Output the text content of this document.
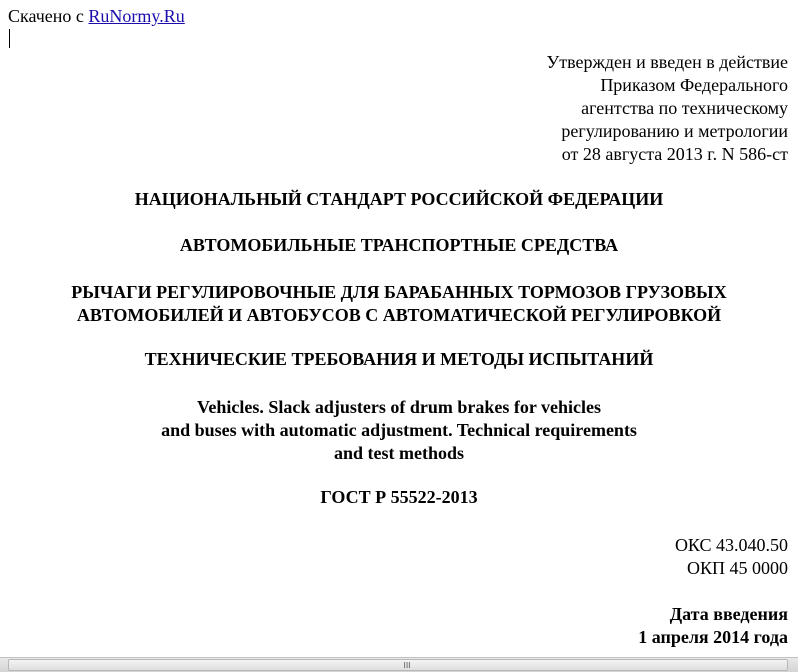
Скачено с RuNormy.Ru
Утвержден и введен в действие
Приказом Федерального
агентства по техническому
регулированию и метрологии
от 28 августа 2013 г. N 586-ст
НАЦИОНАЛЬНЫЙ СТАНДАРТ РОССИЙСКОЙ ФЕДЕРАЦИИ
АВТОМОБИЛЬНЫЕ ТРАНСПОРТНЫЕ СРЕДСТВА
РЫЧАГИ РЕГУЛИРОВОЧНЫЕ ДЛЯ БАРАБАННЫХ ТОРМОЗОВ ГРУЗОВЫХ
АВТОМОБИЛЕЙ И АВТОБУСОВ С АВТОМАТИЧЕСКОЙ РЕГУЛИРОВКОЙ
ТЕХНИЧЕСКИЕ ТРЕБОВАНИЯ И МЕТОДЫ ИСПЫТАНИЙ
Vehicles. Slack adjusters of drum brakes for vehicles
and buses with automatic adjustment. Technical requirements
and test methods
ГОСТ Р 55522-2013
ОКС 43.040.50
ОКП 45 0000
Дата введения
1 апреля 2014 года
III
